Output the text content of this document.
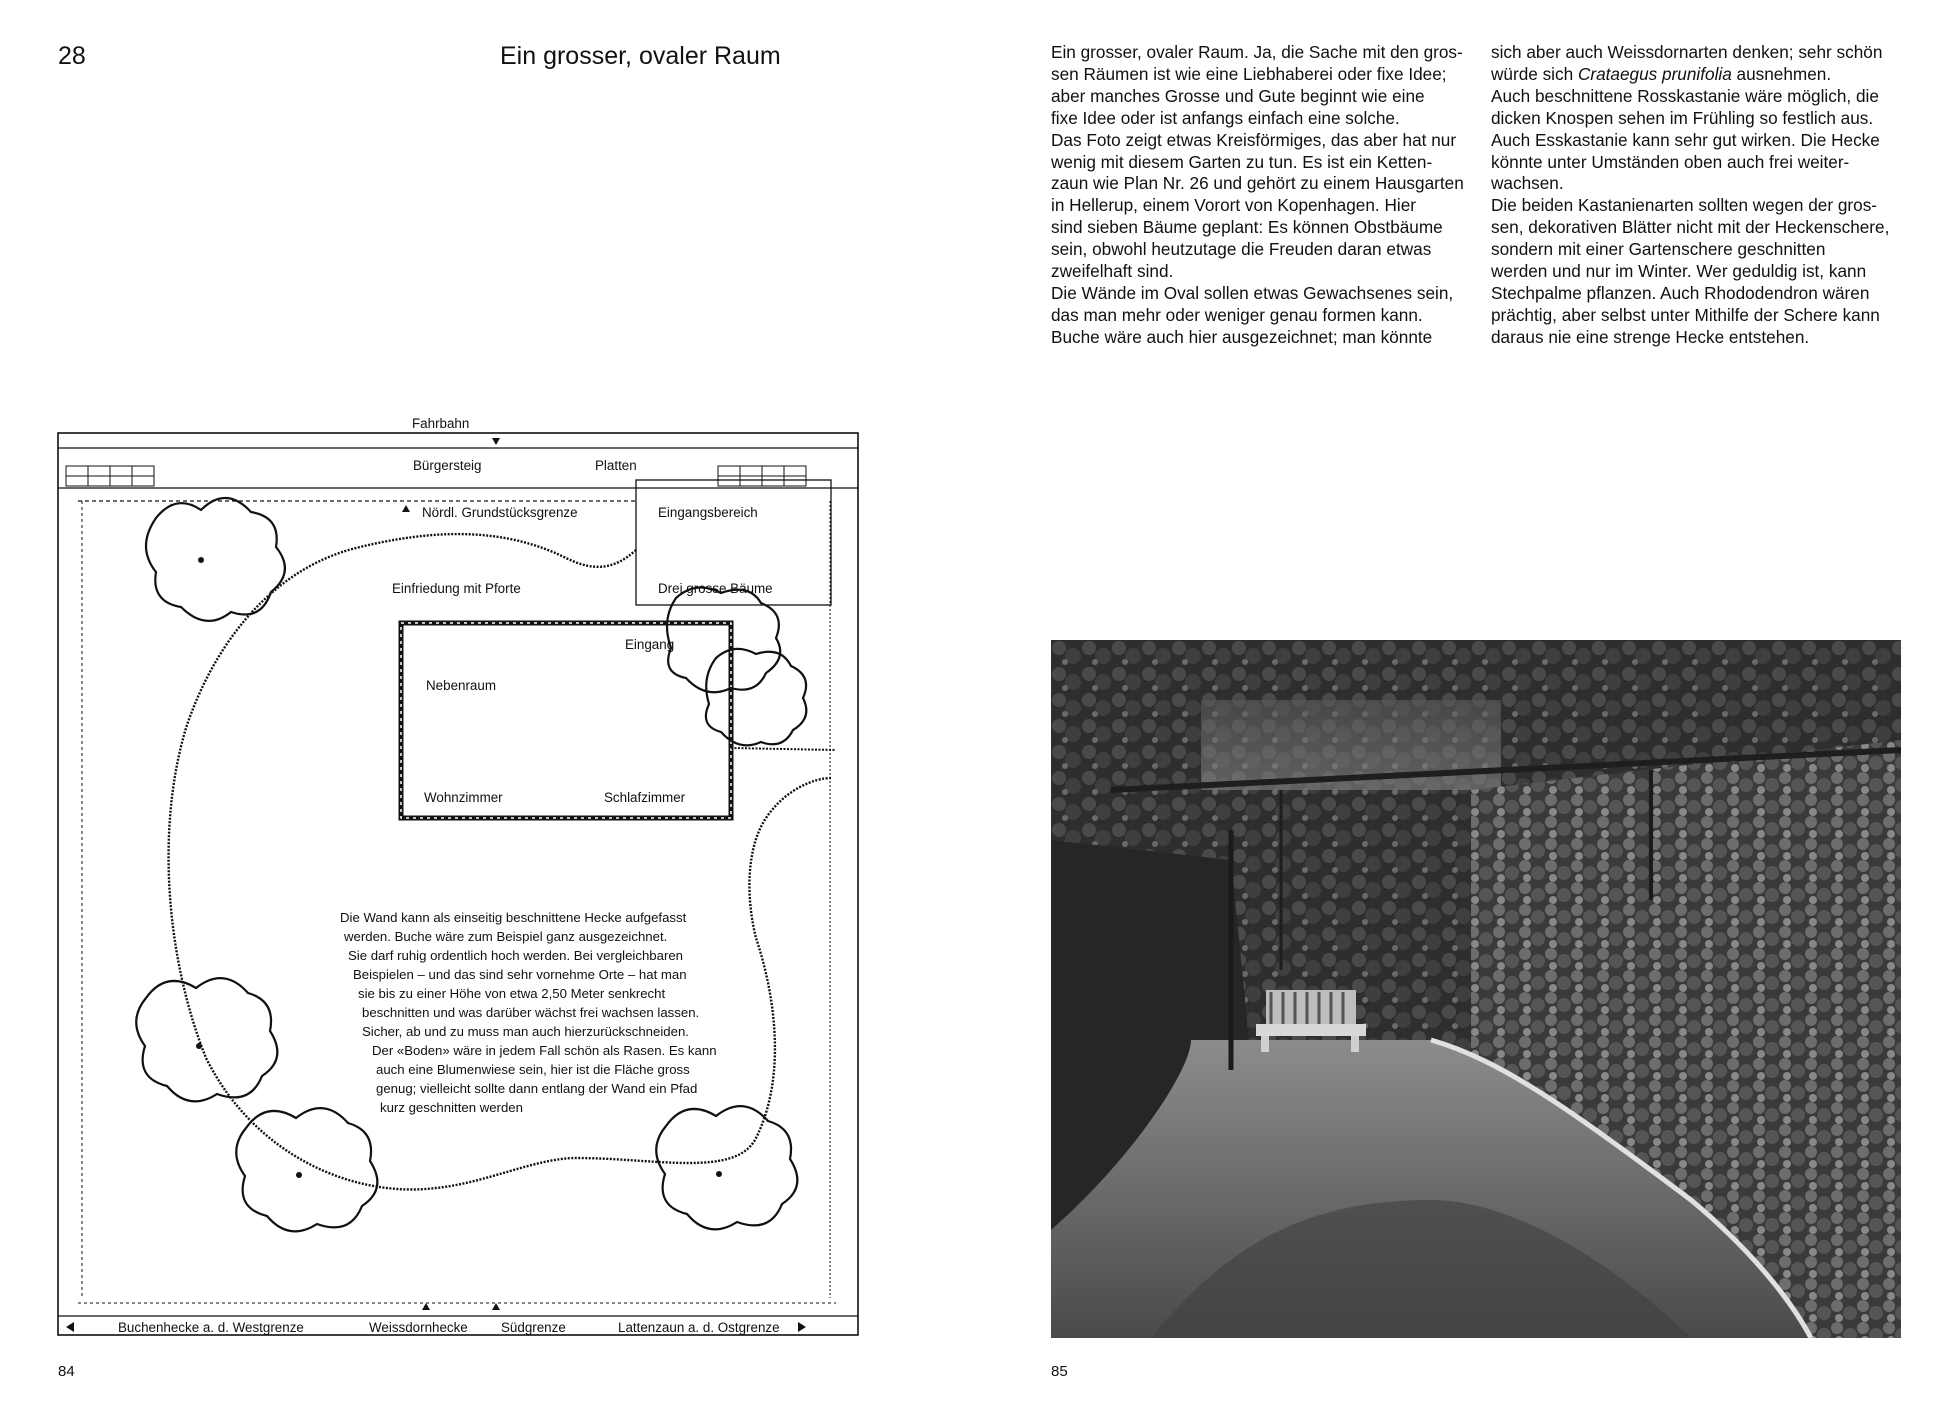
28	Ein grosser, ovaler Raum
Fahrbahn
Bürgersteig	Platten
Nördl. Grundstücksgrenze	Eingangsbereich
Einfriedung mit Pforte	Drei grosse Bäume
Eingang
Nebenraum
Wohnzimmer	Schlafzimmer
Buchenhecke a. d. Westgrenze	Weissdornhecke Südgrenze	Lattenzaun a. d. Ostgrenze
Die Wand kann als einseitig beschnittene Hecke aufgefasst
werden. Buche wäre zum Beispiel ganz ausgezeichnet.
Sie darf ruhig ordentlich hoch werden. Bei vergleichbaren
Beispielen – und das sind sehr vornehme Orte – hat man
sie bis zu einer Höhe von etwa 2,50 Meter senkrecht
beschnitten und was darüber wächst frei wachsen lassen.
Sicher, ab und zu muss man auch hierzurückschneiden.
Der «Boden» wäre in jedem Fall schön als Rasen. Es kann
auch eine Blumenwiese sein, hier ist die Fläche gross
genug; vielleicht sollte dann entlang der Wand ein Pfad
kurz geschnitten werden
84

Ein grosser, ovaler Raum. Ja, die Sache mit den gros-

sen Räumen ist wie eine Liebhaberei oder fixe Idee;

aber manches Grosse und Gute beginnt wie eine

fixe Idee oder ist anfangs einfach eine solche.

Das Foto zeigt etwas Kreisförmiges, das aber hat nur

wenig mit diesem Garten zu tun. Es ist ein Ketten-

zaun wie Plan Nr. 26 und gehört zu einem Hausgarten

in Hellerup, einem Vorort von Kopenhagen. Hier

sind sieben Bäume geplant: Es können Obstbäume

sein, obwohl heutzutage die Freuden daran etwas

zweifelhaft sind.

Die Wände im Oval sollen etwas Gewachsenes sein,

das man mehr oder weniger genau formen kann.

Buche wäre auch hier ausgezeichnet; man könnte

sich aber auch Weissdornarten denken; sehr schön

würde sich Crataegus prunifolia ausnehmen.

Auch beschnittene Rosskastanie wäre möglich, die

dicken Knospen sehen im Frühling so festlich aus.

Auch Esskastanie kann sehr gut wirken. Die Hecke

könnte unter Umständen oben auch frei weiter-

wachsen.

Die beiden Kastanienarten sollten wegen der gros-

sen, dekorativen Blätter nicht mit der Heckenschere,

sondern mit einer Gartenschere geschnitten

werden und nur im Winter. Wer geduldig ist, kann

Stechpalme pflanzen. Auch Rhododendron wären

prächtig, aber selbst unter Mithilfe der Schere kann

daraus nie eine strenge Hecke entstehen.

85
